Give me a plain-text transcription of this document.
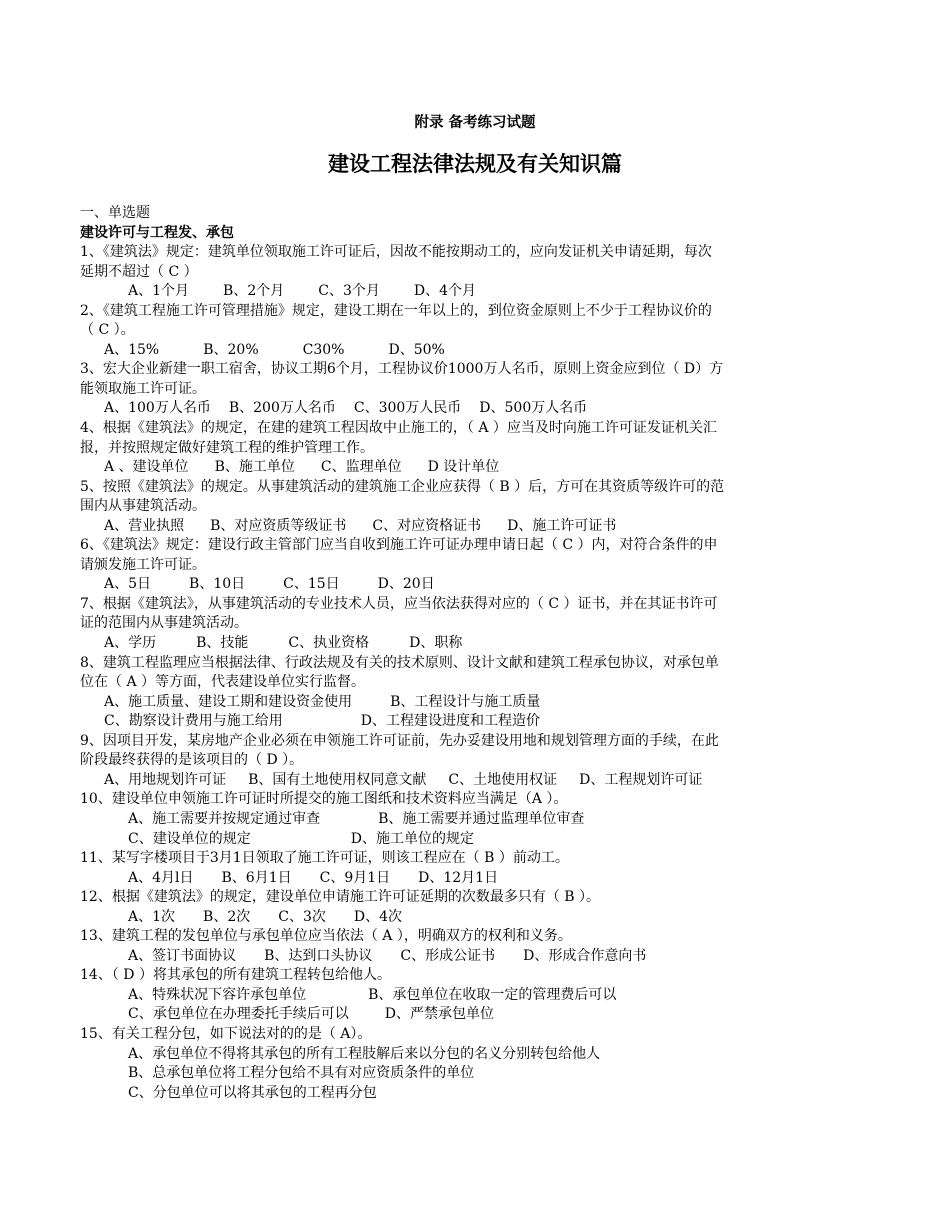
附录 备考练习试题
建设工程法律法规及有关知识篇
一、单选题
建设许可与工程发、承包
1、《建筑法》规定：建筑单位领取施工许可证后，因故不能按期动工的，应向发证机关申请延期，每次
延期不超过（ C ）
A、1个月 B、2个月 C、3个月 D、4个月
2、《建筑工程施工许可管理措施》规定，建设工期在一年以上的，到位资金原则上不少于工程协议价的
（ C ）。
A、15%	B、20%	C30%	D、50%
3、宏大企业新建一职工宿舍，协议工期6个月，工程协议价1000万人名币，原则上资金应到位（ D）方
能领取施工许可证。
A、100万人名币 B、200万人名币 C、300万人民币 D、500万人名币
4、根据《建筑法》的规定，在建的建筑工程因故中止施工的，（ A ）应当及时向施工许可证发证机关汇
报，并按照规定做好建筑工程的维护管理工作。
A 、建设单位 B、施工单位 C、监理单位 D 设计单位
5、按照《建筑法》的规定。从事建筑活动的建筑施工企业应获得（ B ）后，方可在其资质等级许可的范
围内从事建筑活动。
A、营业执照 B、对应资质等级证书 C、对应资格证书 D、施工许可证书
6、《建筑法》规定：建设行政主管部门应当自收到施工许可证办理申请日起（ C ）内，对符合条件的申
请颁发施工许可证。
A、5日	B、10日	C、15日	D、20日
7、根据《建筑法》，从事建筑活动的专业技术人员，应当依法获得对应的（ C ）证书，并在其证书许可
证的范围内从事建筑活动。
A、学历	B、技能	C、执业资格	D、职称
8、建筑工程监理应当根据法律、行政法规及有关的技术原则、设计文献和建筑工程承包协议，对承包单
位在（ A ）等方面，代表建设单位实行监督。
A、施工质量、建设工期和建设资金使用	B、工程设计与施工质量
C、勘察设计费用与施工给用	D、工程建设进度和工程造价
9、因项目开发，某房地产企业必须在申领施工许可证前，先办妥建设用地和规划管理方面的手续，在此
阶段最终获得的是该项目的（ D ）。
A、用地规划许可证 B、国有土地使用权同意文献 C、土地使用权证 D、工程规划许可证
10、建设单位申领施工许可证时所提交的施工图纸和技术资料应当满足（A ）。
A、施工需要并按规定通过审查	B、施工需要并通过监理单位审查
C、建设单位的规定	D、施工单位的规定
11、某写字楼项目于3月1日领取了施工许可证，则该工程应在（ B ）前动工。
A、4月l日 B、6月1日 C、9月1日 D、12月1日
12、根据《建筑法》的规定，建设单位申请施工许可证延期的次数最多只有（ B ）。
A、1次 B、2次 C、3次 D、4次
13、建筑工程的发包单位与承包单位应当依法（ A ），明确双方的权利和义务。
A、签订书面协议 B、达到口头协议 C、形成公证书 D、形成合作意向书
14、（ D ）将其承包的所有建筑工程转包给他人。
A、特殊状况下容许承包单位	B、承包单位在收取一定的管理费后可以
C、承包单位在办理委托手续后可以	D、严禁承包单位
15、有关工程分包，如下说法对的的是（ A）。
A、承包单位不得将其承包的所有工程肢解后来以分包的名义分别转包给他人
B、总承包单位将工程分包给不具有对应资质条件的单位
C、分包单位可以将其承包的工程再分包
